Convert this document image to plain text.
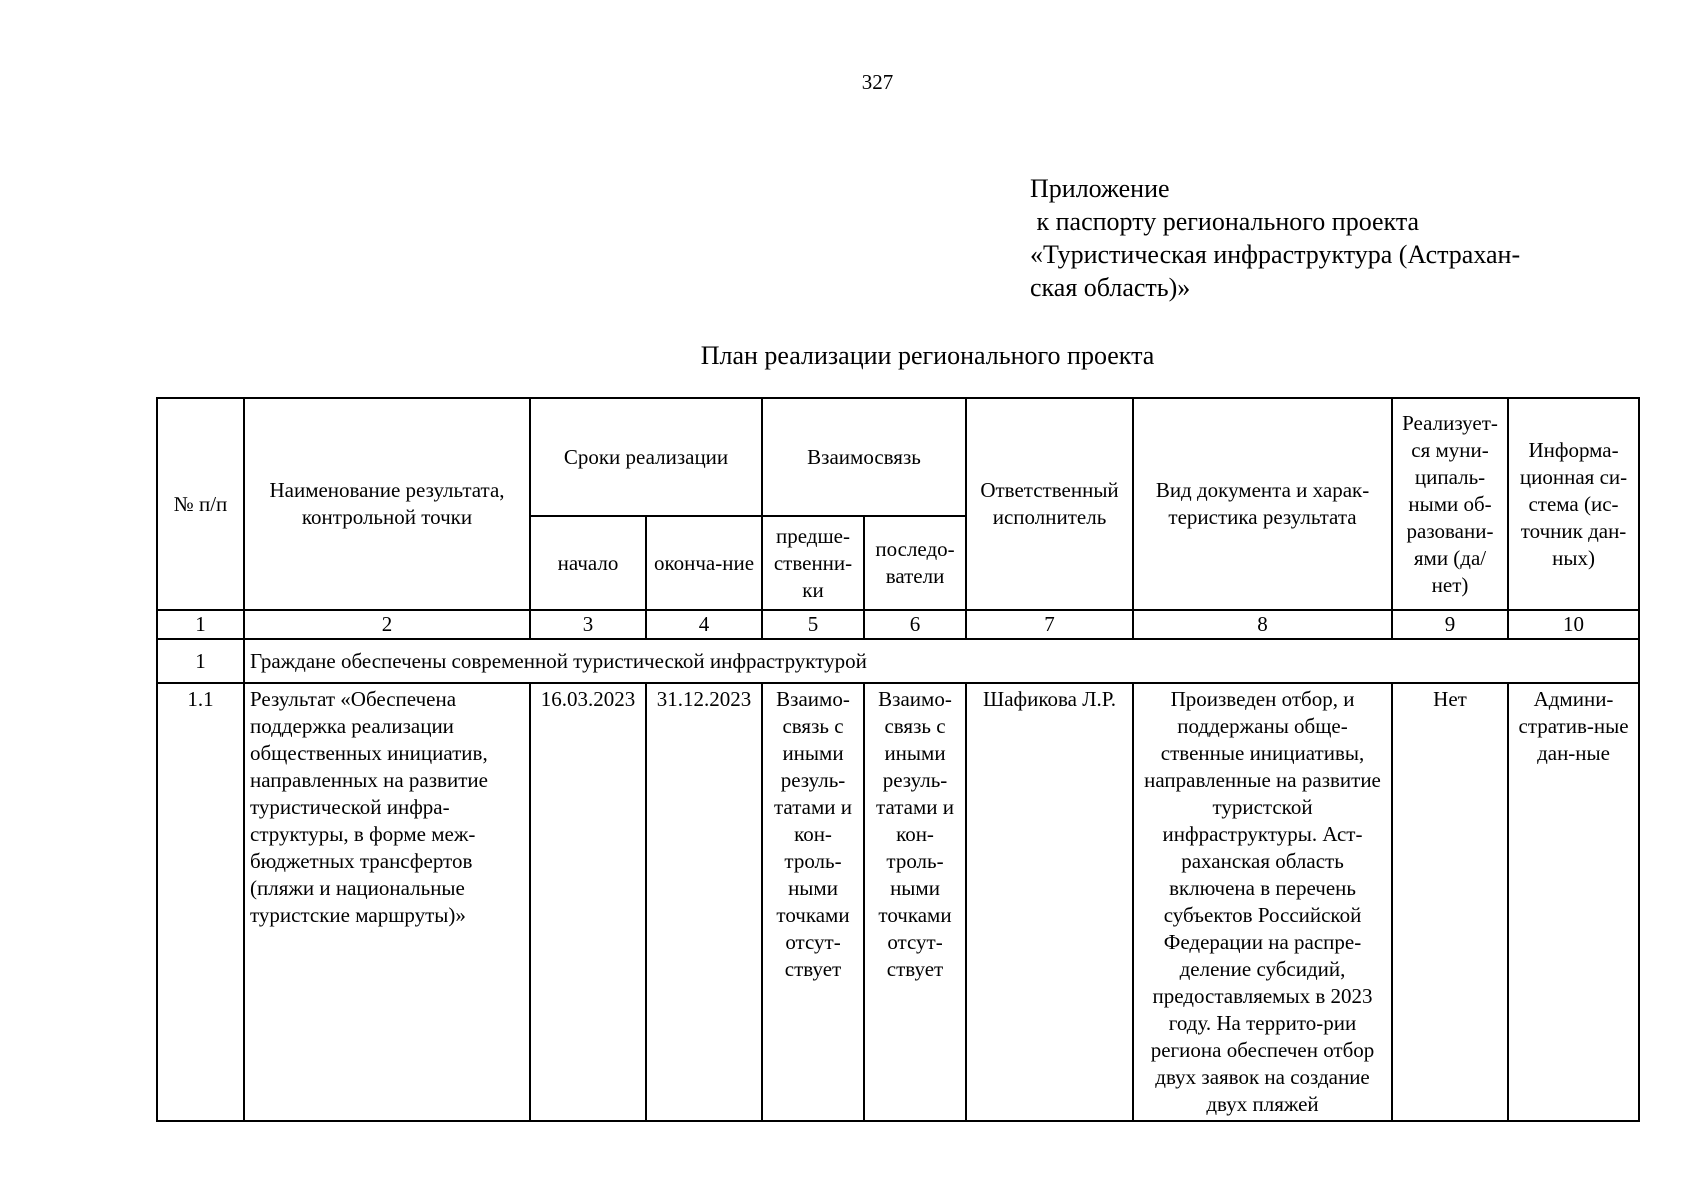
327
Приложение
к паспорту регионального проекта
«Туристическая инфраструктура (Астрахан-
ская область)»
План реализации регионального проекта
№ п/п	Наименование результата, контрольной точки	Сроки реализации		Взаимосвязь		Ответственный исполнитель	Вид документа и харак-теристика результата	Реализует-ся муни-ципаль-ными об-разовани-ями (да/нет)	Информа-ционная си-стема (ис-точник дан-ных)
		начало	оконча-ние	предше-ственни-ки	последо-ватели				
1	2	3	4	5	6	7	8	9	10
1	Граждане обеспечены современной туристической инфраструктурой								
1.1	Результат «Обеспечена поддержка реализации общественных инициатив, направленных на развитие туристической инфра-структуры, в форме меж-бюджетных трансфертов (пляжи и национальные туристские маршруты)»	16.03.2023	31.12.2023	Взаимо-связь с иными резуль-татами и кон-троль-ными точками отсут-ствует	Взаимо-связь с иными резуль-татами и кон-троль-ными точками отсут-ствует	Шафикова Л.Р.	Произведен отбор, и поддержаны обще-ственные инициативы, направленные на развитие туристской инфраструктуры. Аст-раханская область включена в перечень субъектов Российской Федерации на распре-деление субсидий, предоставляемых в 2023 году. На террито-рии региона обеспечен отбор двух заявок на создание двух пляжей	Нет	Админи-стратив-ные дан-ные
